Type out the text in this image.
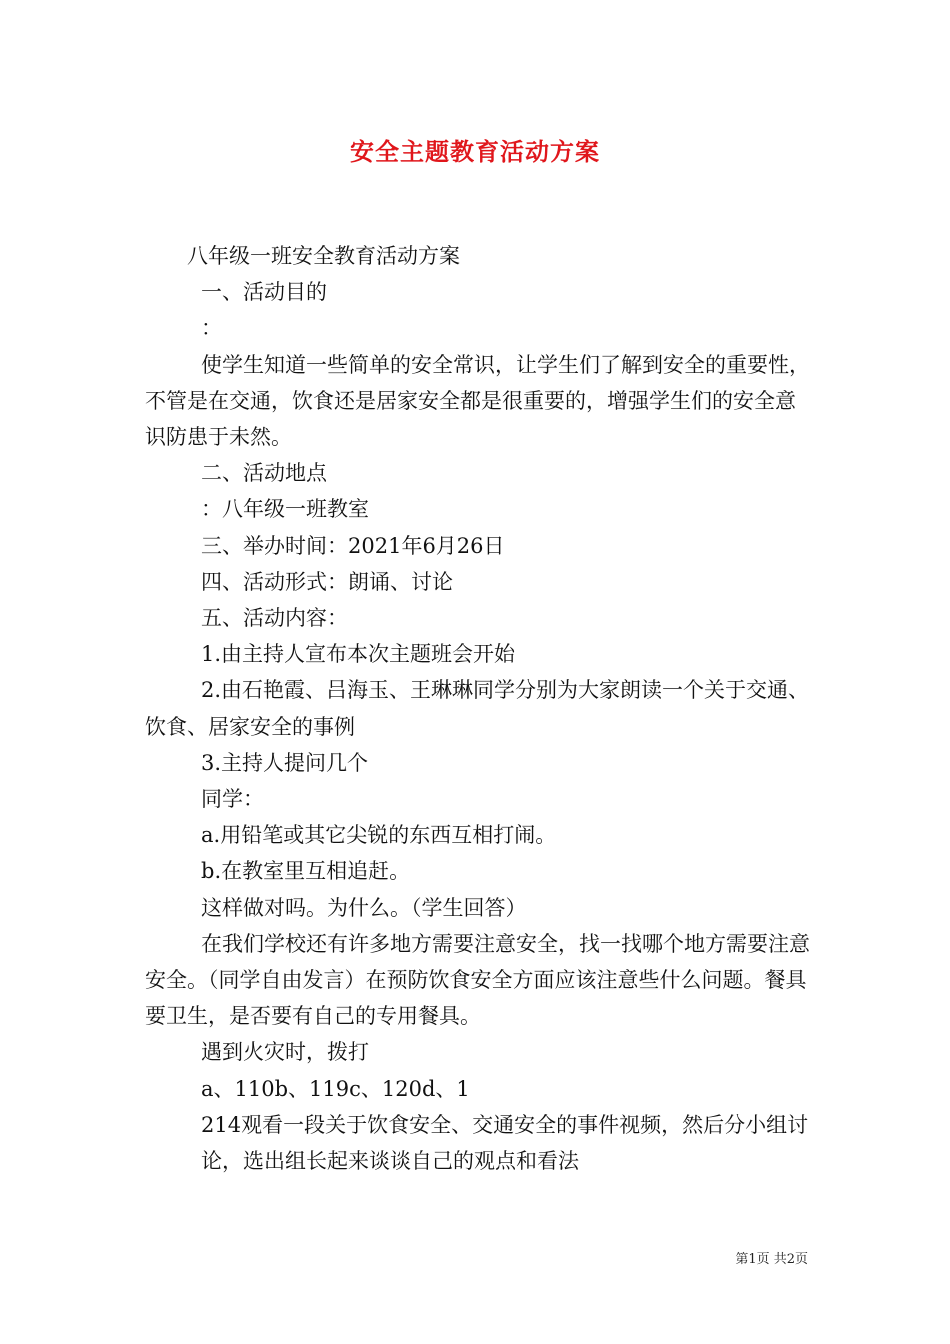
安全主题教育活动方案

八年级一班安全教育活动方案

一、活动目的

：

使学生知道一些简单的安全常识，让学生们了解到安全的重要性，不管是在交通，饮食还是居家安全都是很重要的，增强学生们的安全意识防患于未然。

二、活动地点

：八年级一班教室

三、举办时间：2021年6月26日

四、活动形式：朗诵、讨论

五、活动内容：

1.由主持人宣布本次主题班会开始

2.由石艳霞、吕海玉、王琳琳同学分别为大家朗读一个关于交通、饮食、居家安全的事例

3.主持人提问几个

同学：

a.用铅笔或其它尖锐的东西互相打闹。

b.在教室里互相追赶。

这样做对吗。为什么。（学生回答）

在我们学校还有许多地方需要注意安全，找一找哪个地方需要注意安全。（同学自由发言）在预防饮食安全方面应该注意些什么问题。餐具要卫生，是否要有自己的专用餐具。

遇到火灾时，拨打

a、110b、119c、120d、1

214观看一段关于饮食安全、交通安全的事件视频，然后分小组讨

论，选出组长起来谈谈自己的观点和看法

第1页 共2页
